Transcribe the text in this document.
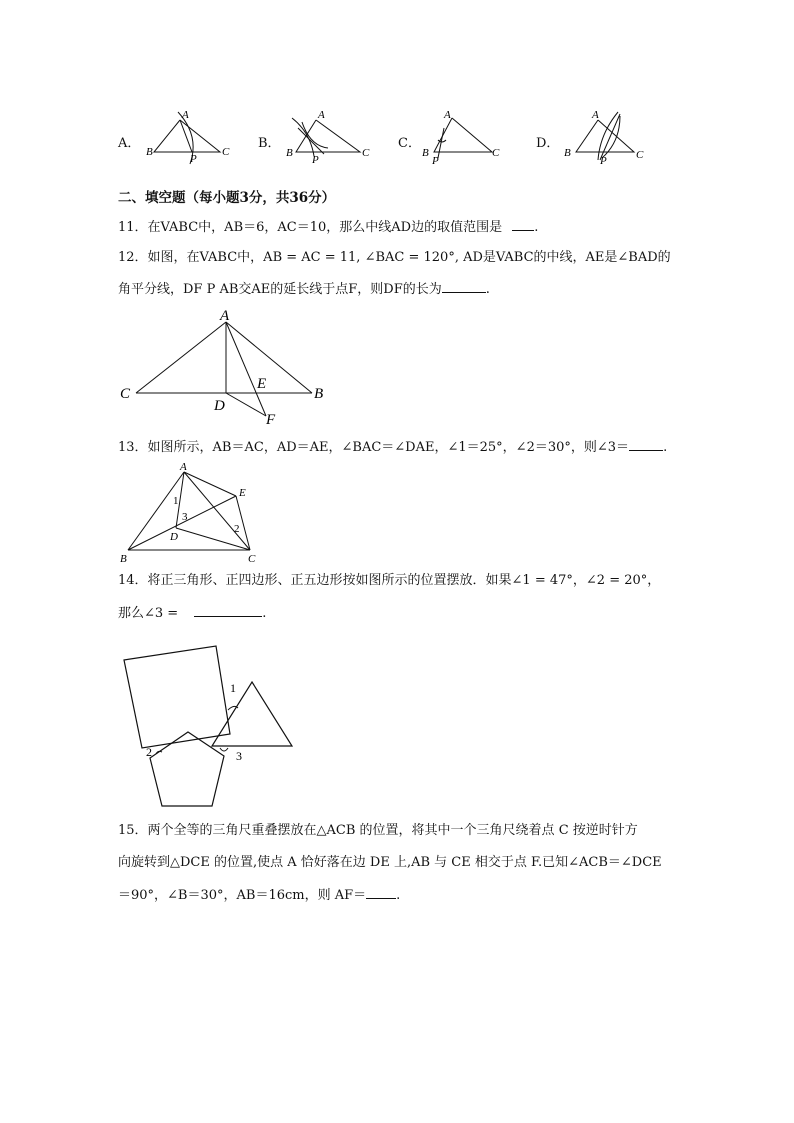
A．
A
B
P
C
B．
A
B
P
C
C．
A
B
P
C
D．
A
B
P	C
二、填空题（每小题3分，共36分）
11．在VABC中，AB＝6，AC＝10，那么中线AD边的取值范围是 .
12．如图，在VABC中，AB = AC = 11, ∠BAC = 120°, AD是VABC的中线，AE是∠BAD的
角平分线，DF P AB交AE的延长线于点F，则DF的长为	.
A
C	B
D
E
F
13．如图所示，AB＝AC，AD＝AE，∠BAC＝∠DAE，∠1＝25°，∠2＝30°，则∠3＝	.
A
E
B	C
D
1
2
3
14．将正三角形、正四边形、正五边形按如图所示的位置摆放．如果∠1 = 47°，∠2 = 20°，
那么∠3 =	.
1
2	3
15．两个全等的三角尺重叠摆放在△ACB 的位置，将其中一个三角尺绕着点 C 按逆时针方
向旋转到△DCE 的位置,使点 A 恰好落在边 DE 上,AB 与 CE 相交于点 F.已知∠ACB＝∠DCE
＝90°，∠B＝30°，AB＝16cm，则 AF＝ .
